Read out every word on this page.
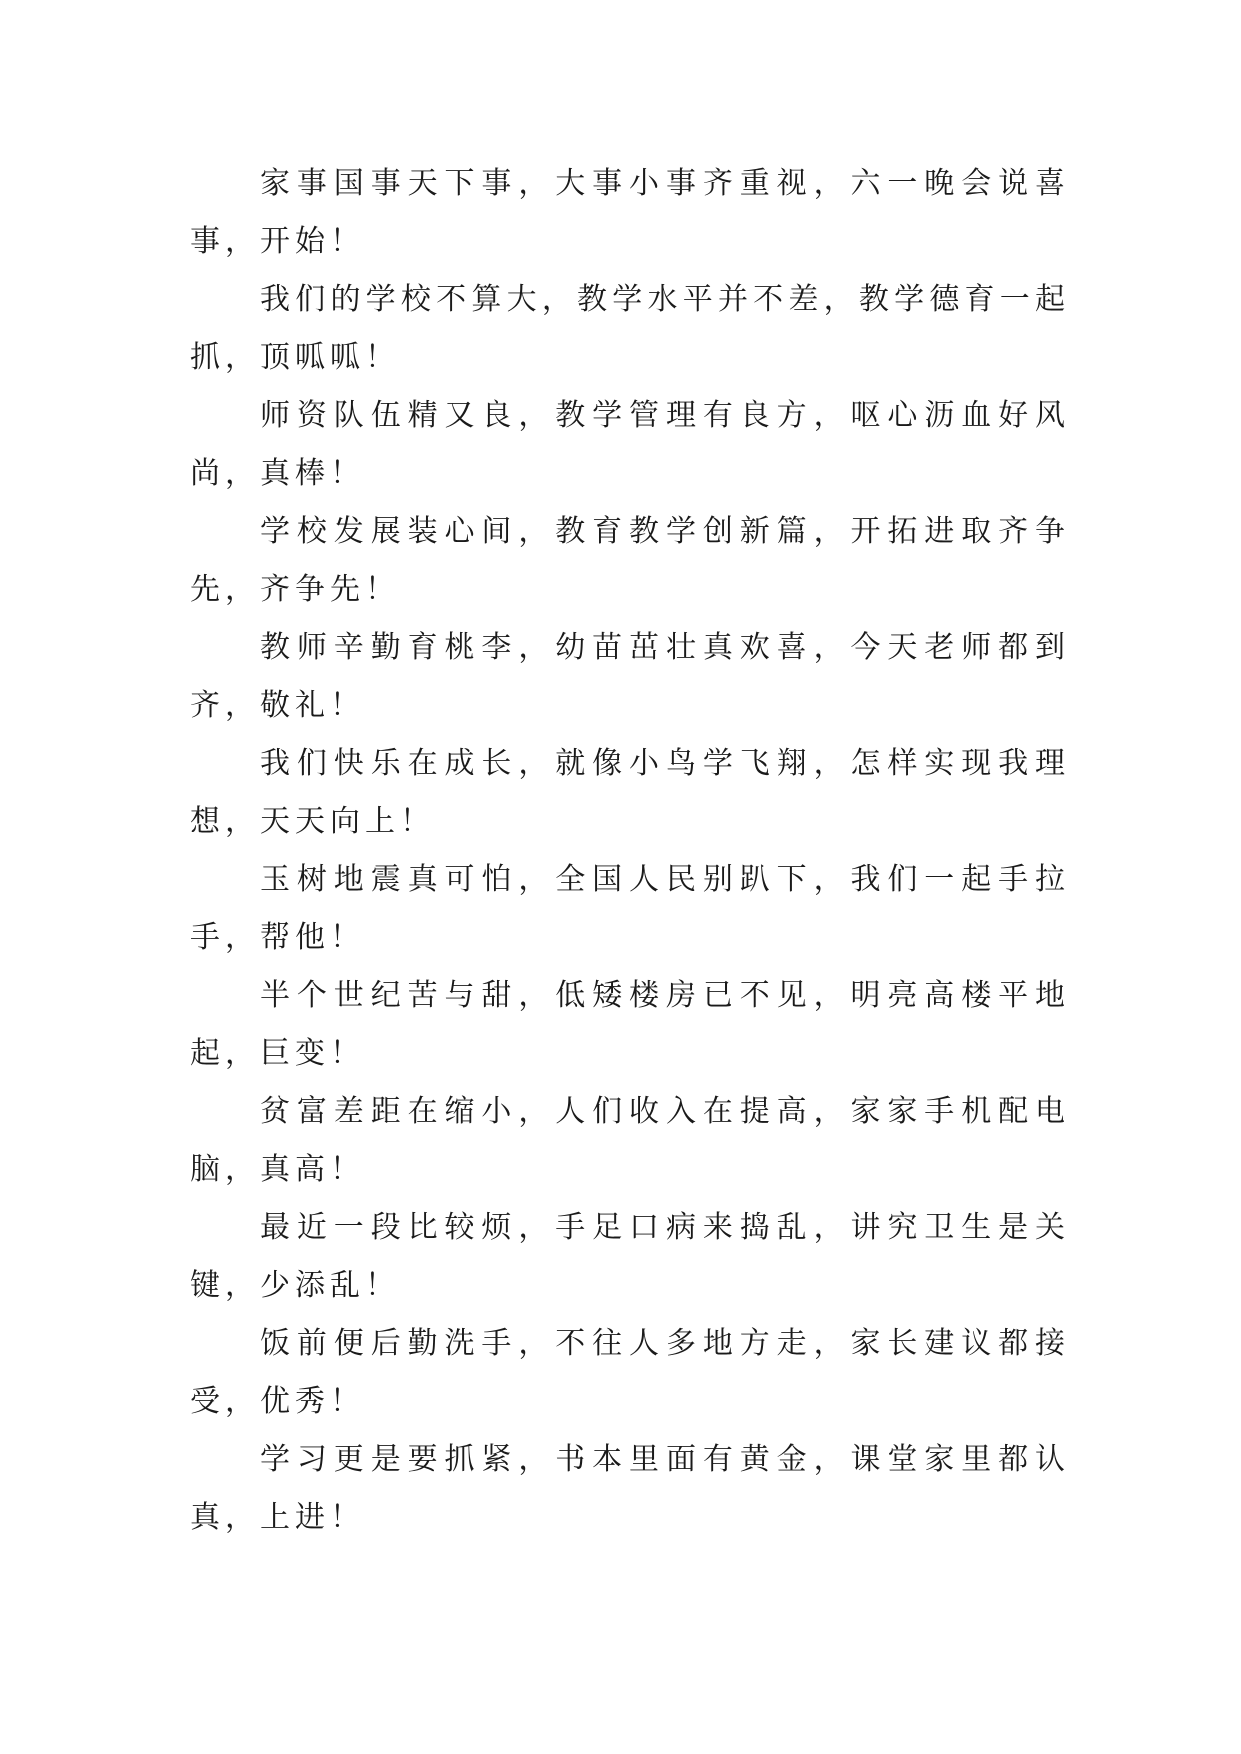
家事国事天下事，大事小事齐重视，六一晚会说喜事，开始！

我们的学校不算大，教学水平并不差，教学德育一起抓，顶呱呱！

师资队伍精又良，教学管理有良方，呕心沥血好风尚，真棒！

学校发展装心间，教育教学创新篇，开拓进取齐争先，齐争先！

教师辛勤育桃李，幼苗茁壮真欢喜，今天老师都到齐，敬礼！

我们快乐在成长，就像小鸟学飞翔，怎样实现我理想，天天向上！

玉树地震真可怕，全国人民别趴下，我们一起手拉手，帮他！

半个世纪苦与甜，低矮楼房已不见，明亮高楼平地起，巨变！

贫富差距在缩小，人们收入在提高，家家手机配电脑，真高！

最近一段比较烦，手足口病来捣乱，讲究卫生是关键，少添乱！

饭前便后勤洗手，不往人多地方走，家长建议都接受，优秀！

学习更是要抓紧，书本里面有黄金，课堂家里都认真，上进！
